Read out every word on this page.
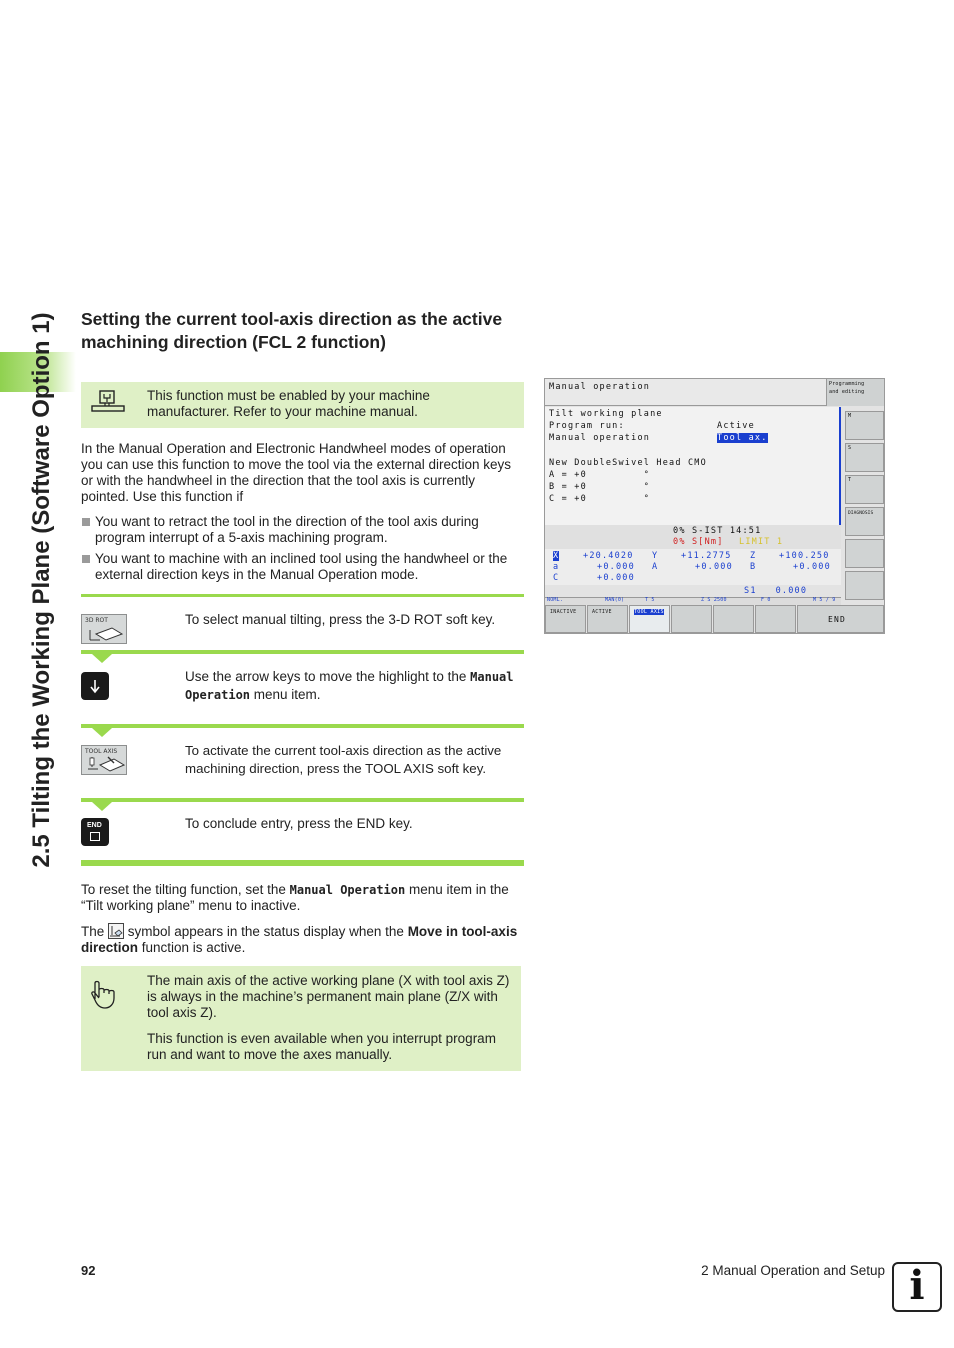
2.5 Tilting the Working Plane (Software Option 1) Setting the current tool-axis direction as the active machining direction (FCL 2 function)
This function must be enabled by your machine manufacturer. Refer to your machine manual.

In the Manual Operation and Electronic Handwheel modes of operation you can use this function to move the tool via the external direction keys or with the handwheel in the direction that the tool axis is currently pointed. Use this function if

You want to retract the tool in the direction of the tool axis during program interrupt of a 5-axis machining program.

You want to machine with an inclined tool using the handwheel or the external direction keys in the Manual Operation mode.

3D ROT	To select manual tilting, press the 3-D ROT soft key.

Use the arrow keys to move the highlight to the Manual Operation menu item.

TOOL AXIS	To activate the current tool-axis direction as the active machining direction, press the TOOL AXIS soft key.

END	To conclude entry, press the END key.

To reset the tilting function, set the Manual Operation menu item in the “Tilt working plane” menu to inactive.

The
symbol appears in the status display when the Move in tool-axis direction function is active.

The main axis of the active working plane (X with tool axis Z) is always in the machine’s permanent main plane (Z/X with tool axis Z).

This function is even available when you interrupt program run and want to move the axes manually.

Manual operation	Programming
and editing
Tilt working plane
Program run:	Active
Manual operation	Tool ax.
New DoubleSwivel Head CMO
A = +0         °
B = +0         °
C = +0         °
0% S-IST 14:51
0% S[Nm] LIMIT 1
X	+20.4020 Y	+11.2775 Z	+100.250
a	+0.000 A	+0.000 B	+0.000
C	+0.000
S1   0.000
NOML.	MAN(0)	T 5	Z S 2500	F 0	M 5 / 9
M
S
T
DIAGNOSIS
INACTIVE	ACTIVE	TOOL AXIS
END
92	2 Manual Operation and Setup i
